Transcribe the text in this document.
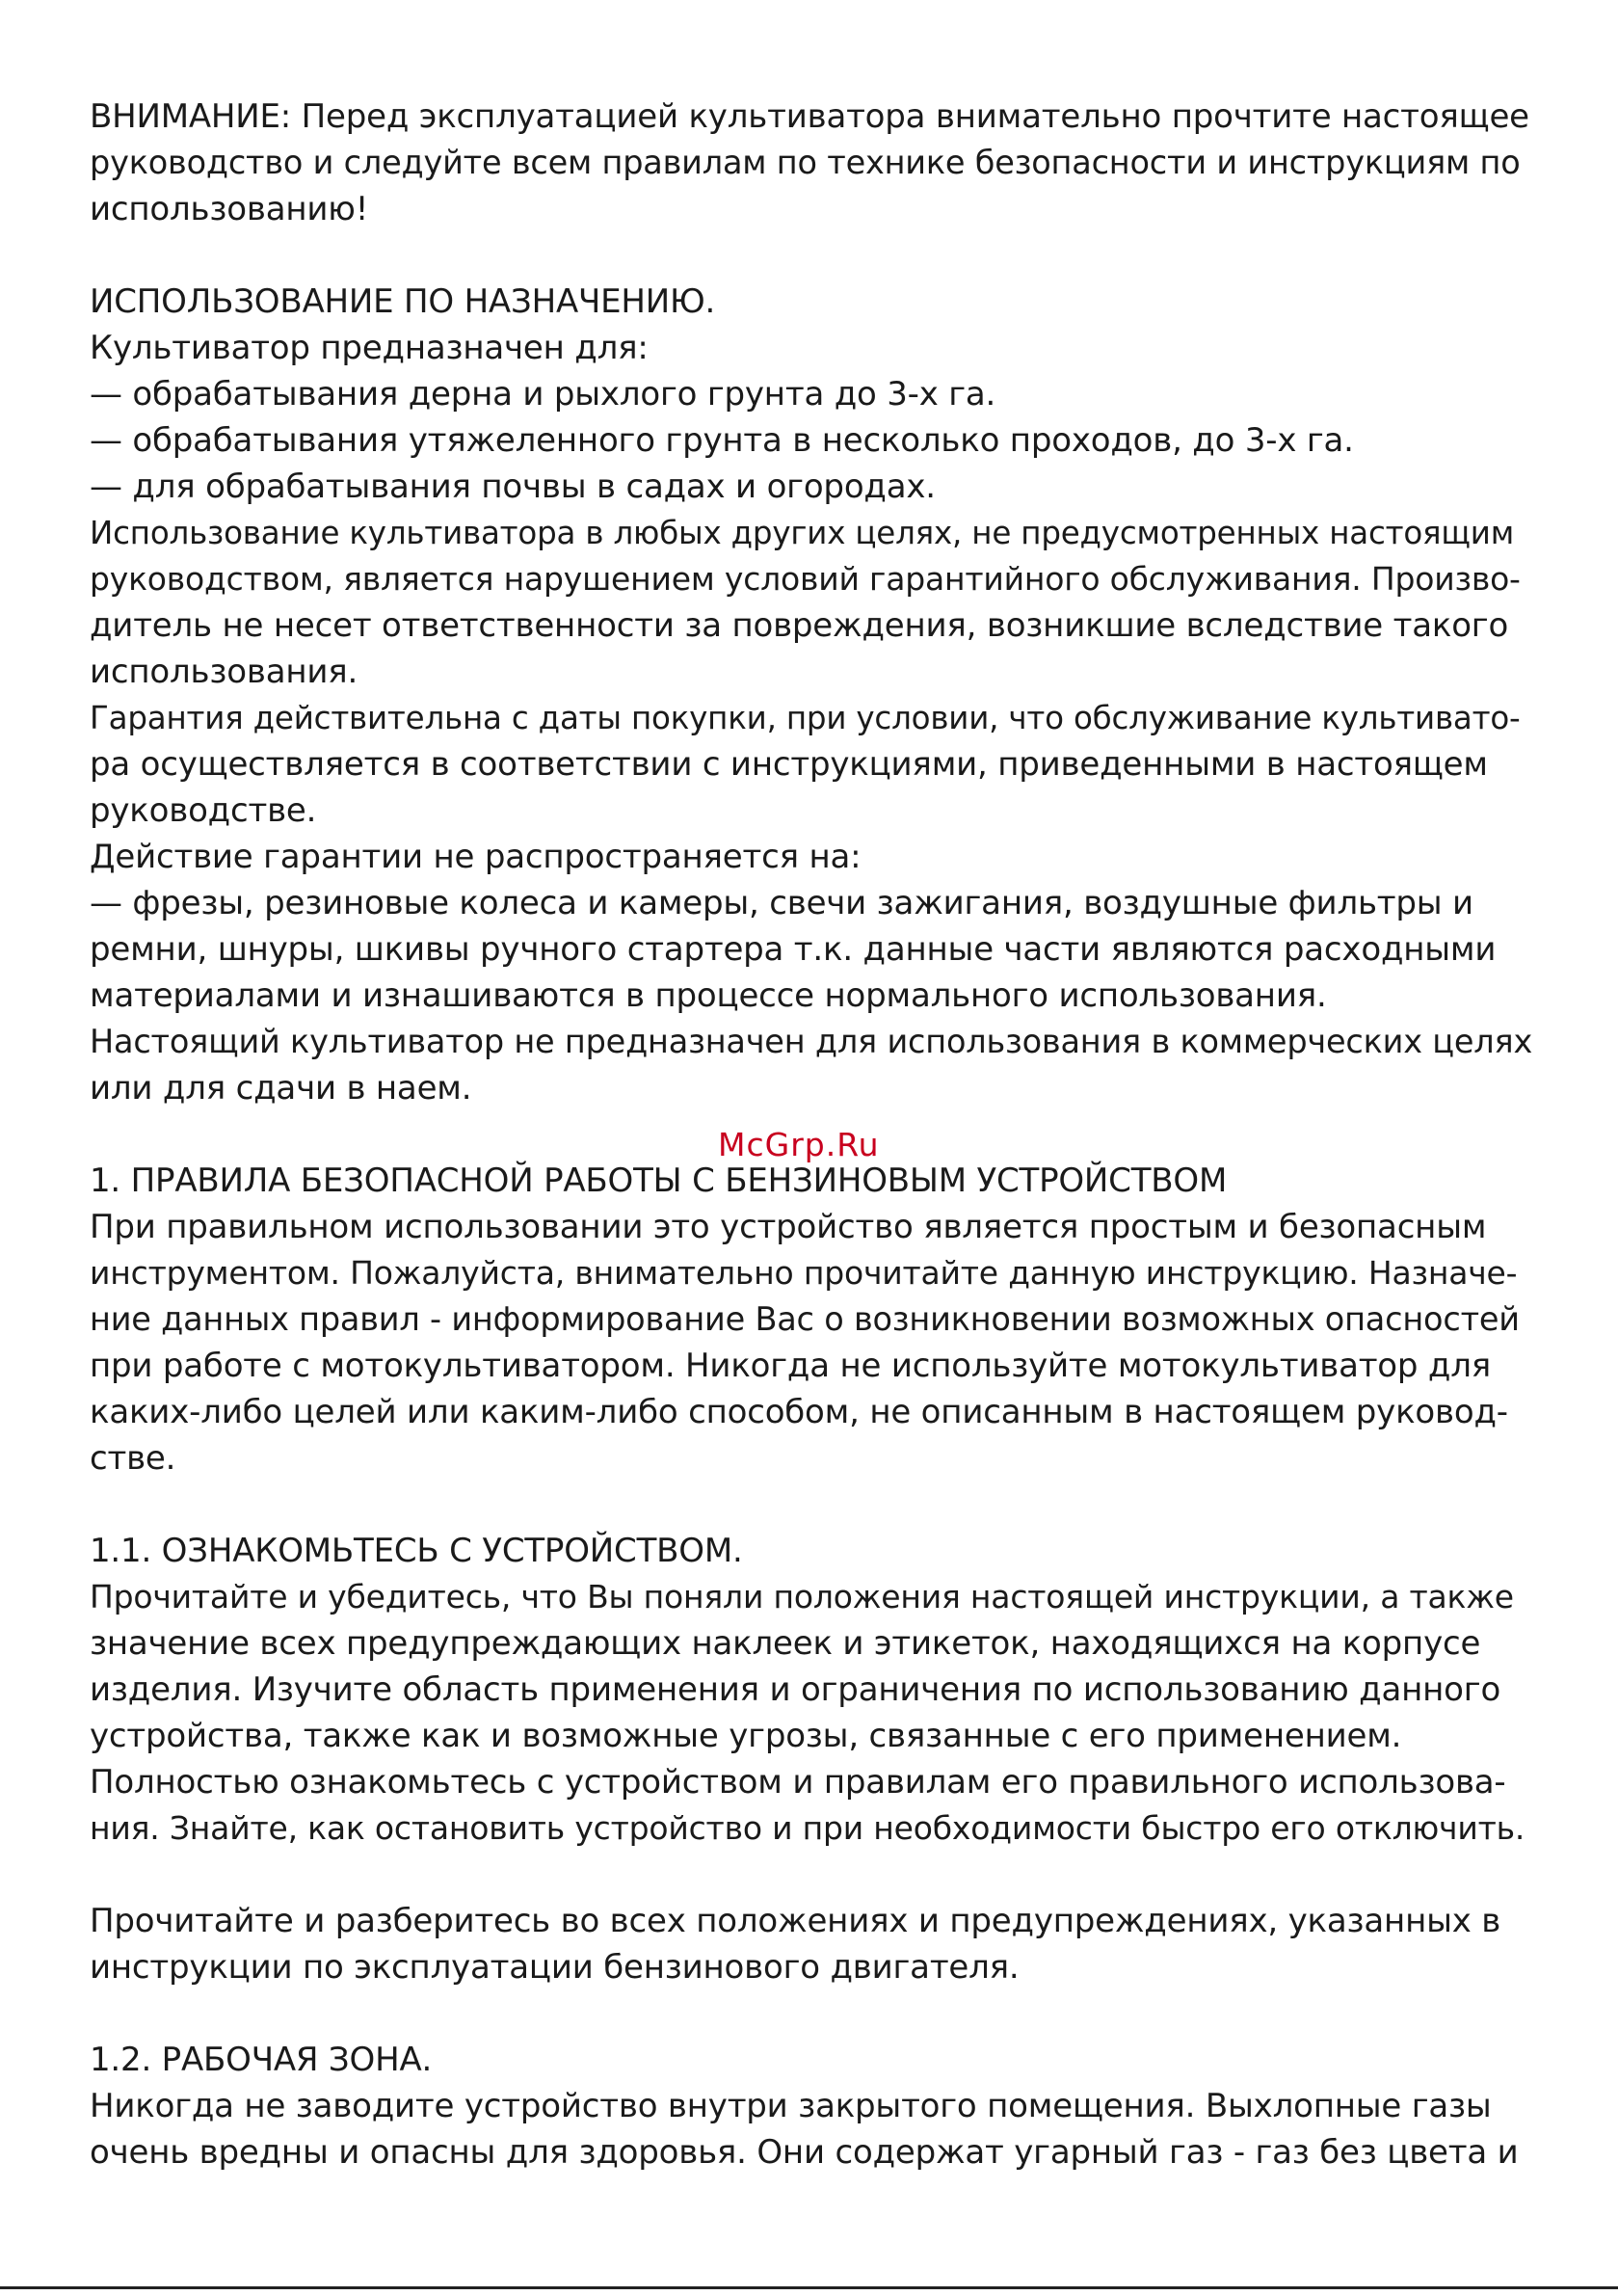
ВНИМАНИЕ: Перед эксплуатацией культиватора внимательно прочтите настоящее
руководство и следуйте всем правилам по технике безопасности и инструкциям по
использованию!
ИСПОЛЬЗОВАНИЕ ПО НАЗНАЧЕНИЮ.
Культиватор предназначен для:
— обрабатывания дерна и рыхлого грунта до 3-х га.
— обрабатывания утяжеленного грунта в несколько проходов, до 3-х га.
— для обрабатывания почвы в садах и огородах.
Использование культиватора в любых других целях, не предусмотренных настоящим
руководством, является нарушением условий гарантийного обслуживания. Произво-
дитель не несет ответственности за повреждения, возникшие вследствие такого
использования.
Гарантия действительна с даты покупки, при условии, что обслуживание культивато-
ра осуществляется в соответствии с инструкциями, приведенными в настоящем
руководстве.
Действие гарантии не распространяется на:
— фрезы, резиновые колеса и камеры, свечи зажигания, воздушные фильтры и
ремни, шнуры, шкивы ручного стартера т.к. данные части являются расходными
материалами и изнашиваются в процессе нормального использования.
Настоящий культиватор не предназначен для использования в коммерческих целях
или для сдачи в наем.
1. ПРАВИЛА БЕЗОПАСНОЙ РАБОТЫ С БЕНЗИНОВЫМ УСТРОЙСТВОМ
При правильном использовании это устройство является простым и безопасным
инструментом. Пожалуйста, внимательно прочитайте данную инструкцию. Назначе-
ние данных правил - информирование Вас о возникновении возможных опасностей
при работе с мотокультиватором. Никогда не используйте мотокультиватор для
каких-либо целей или каким-либо способом, не описанным в настоящем руковод-
стве.
1.1. ОЗНАКОМЬТЕСЬ С УСТРОЙСТВОМ.
Прочитайте и убедитесь, что Вы поняли положения настоящей инструкции, а также
значение всех предупреждающих наклеек и этикеток, находящихся на корпусе
изделия. Изучите область применения и ограничения по использованию данного
устройства, также как и возможные угрозы, связанные с его применением.
Полностью ознакомьтесь с устройством и правилам его правильного использова-
ния. Знайте, как остановить устройство и при необходимости быстро его отключить.
Прочитайте и разберитесь во всех положениях и предупреждениях, указанных в
инструкции по эксплуатации бензинового двигателя.
1.2. РАБОЧАЯ ЗОНА.
Никогда не заводите устройство внутри закрытого помещения. Выхлопные газы
очень вредны и опасны для здоровья. Они содержат угарный газ - газ без цвета и
McGrp.Ru
